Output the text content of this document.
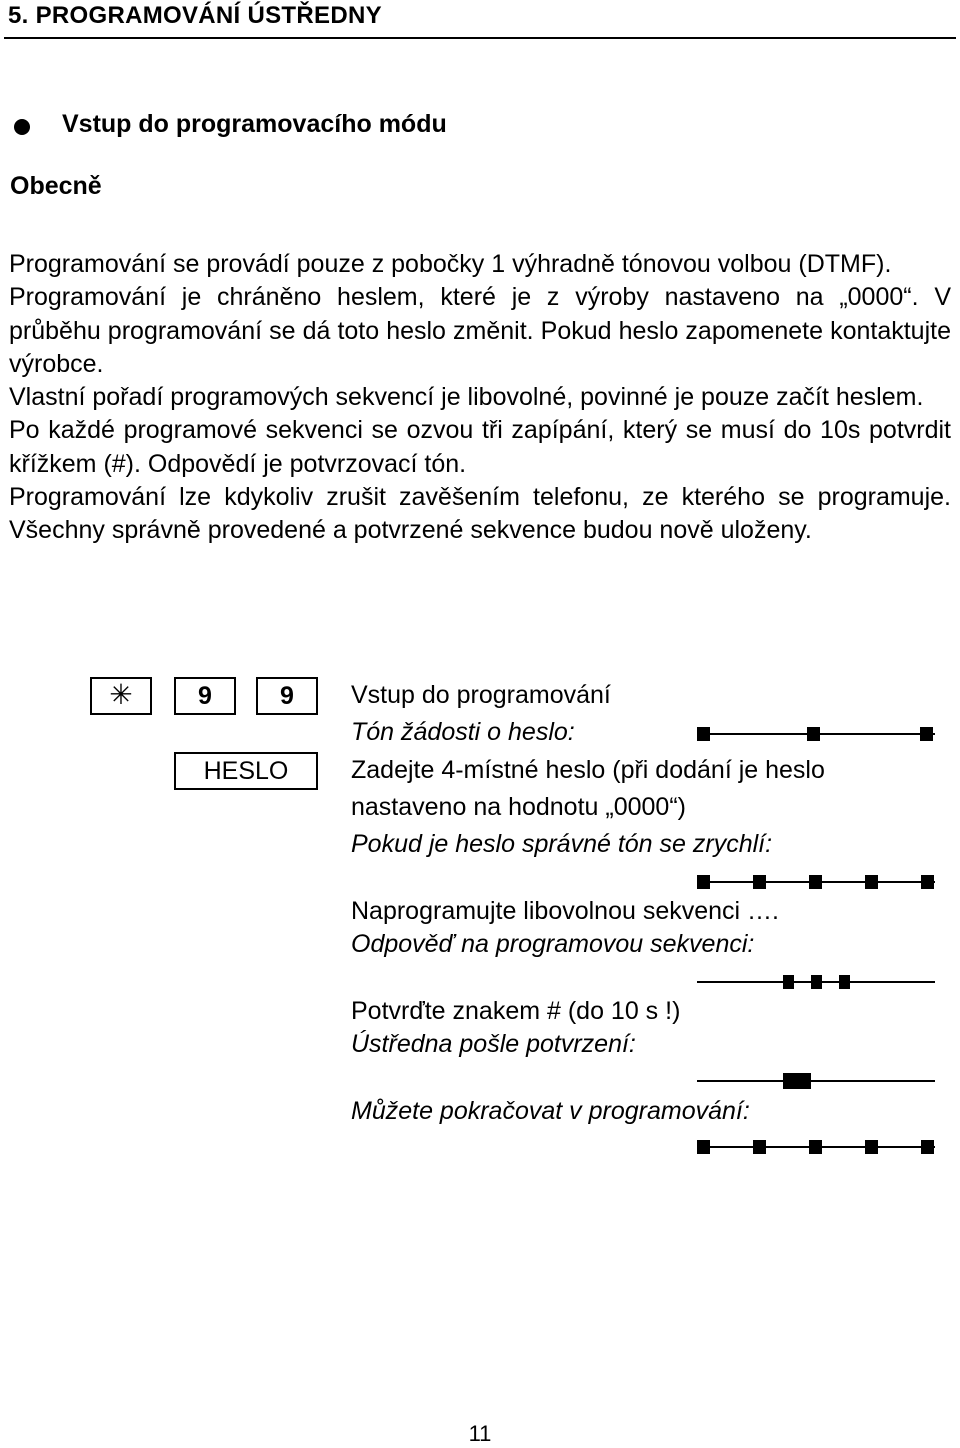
5. PROGRAMOVÁNÍ ÚSTŘEDNY
Vstup do programovacího módu
Obecně

Programování se provádí pouze z pobočky 1 výhradně tónovou volbou (DTMF).

Programování je chráněno heslem, které je z výroby nastaveno na „0000“. V průběhu programování se dá toto heslo změnit. Pokud heslo zapomenete kontaktujte výrobce.

Vlastní pořadí programových sekvencí je libovolné, povinné je pouze začít heslem.

Po každé programové sekvenci se ozvou tři zapípání, který se musí do 10s potvrdit křížkem (#). Odpovědí je potvrzovací tón.

Programování lze kdykoliv zrušit zavěšením telefonu, ze kterého se programuje. Všechny správně provedené a potvrzené sekvence budou nově uloženy.

✳	9	9
HESLO
Vstup do programování
Tón žádosti o heslo:
Zadejte 4-místné heslo (při dodání je heslo
nastaveno na hodnotu „0000“)
Pokud je heslo správné tón se zrychlí:
Naprogramujte libovolnou sekvenci ….
Odpověď na programovou sekvenci:
Potvrďte znakem # (do 10 s !)
Ústředna pošle potvrzení:
Můžete pokračovat v programování:
11
